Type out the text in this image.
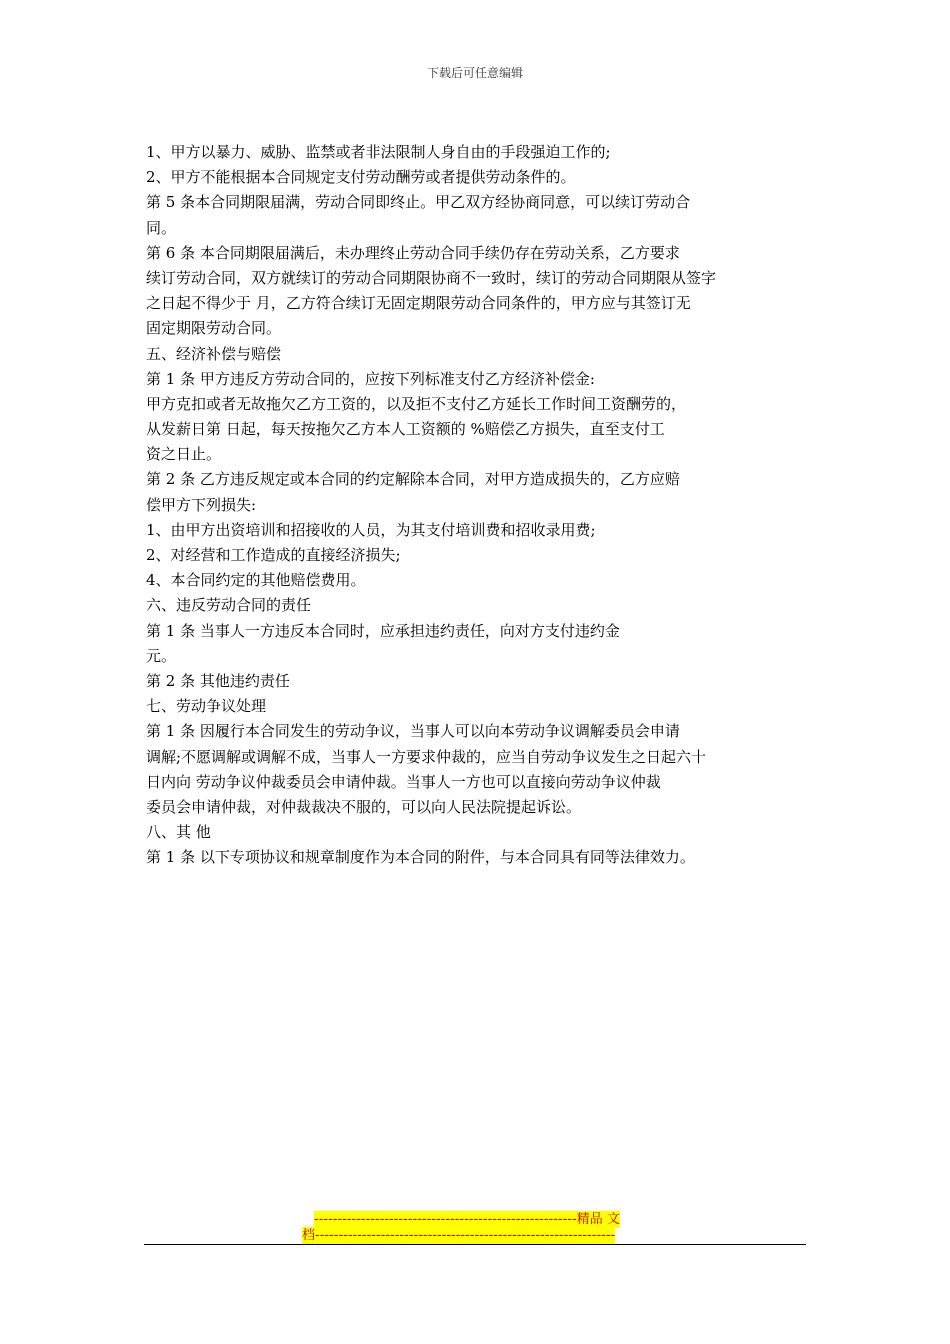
下载后可任意编辑
1、甲方以暴力、威胁、监禁或者非法限制人身自由的手段强迫工作的;
2、甲方不能根据本合同规定支付劳动酬劳或者提供劳动条件的。
第 5 条本合同期限届满，劳动合同即终止。甲乙双方经协商同意，可以续订劳动合
同。
第 6 条 本合同期限届满后，未办理终止劳动合同手续仍存在劳动关系，乙方要求
续订劳动合同，双方就续订的劳动合同期限协商不一致时，续订的劳动合同期限从签字
之日起不得少于 月，乙方符合续订无固定期限劳动合同条件的，甲方应与其签订无
固定期限劳动合同。
五、经济补偿与赔偿
第 1 条 甲方违反方劳动合同的，应按下列标准支付乙方经济补偿金:
甲方克扣或者无故拖欠乙方工资的，以及拒不支付乙方延长工作时间工资酬劳的，
从发薪日第 日起，每天按拖欠乙方本人工资额的 %赔偿乙方损失，直至支付工
资之日止。
第 2 条 乙方违反规定或本合同的约定解除本合同，对甲方造成损失的，乙方应赔
偿甲方下列损失:
1、由甲方出资培训和招接收的人员，为其支付培训费和招收录用费;
2、对经营和工作造成的直接经济损失;
4、本合同约定的其他赔偿费用。
六、违反劳动合同的责任
第 1 条 当事人一方违反本合同时，应承担违约责任，向对方支付违约金
元。
第 2 条 其他违约责任
七、劳动争议处理
第 1 条 因履行本合同发生的劳动争议，当事人可以向本劳动争议调解委员会申请
调解;不愿调解或调解不成，当事人一方要求仲裁的，应当自劳动争议发生之日起六十
日内向 劳动争议仲裁委员会申请仲裁。当事人一方也可以直接向劳动争议仲裁
委员会申请仲裁，对仲裁裁决不服的，可以向人民法院提起诉讼。
八、其 他
第 1 条 以下专项协议和规章制度作为本合同的附件，与本合同具有同等法律效力。
--------------------------------------------------------精品 文
档----------------------------------------------------------------
